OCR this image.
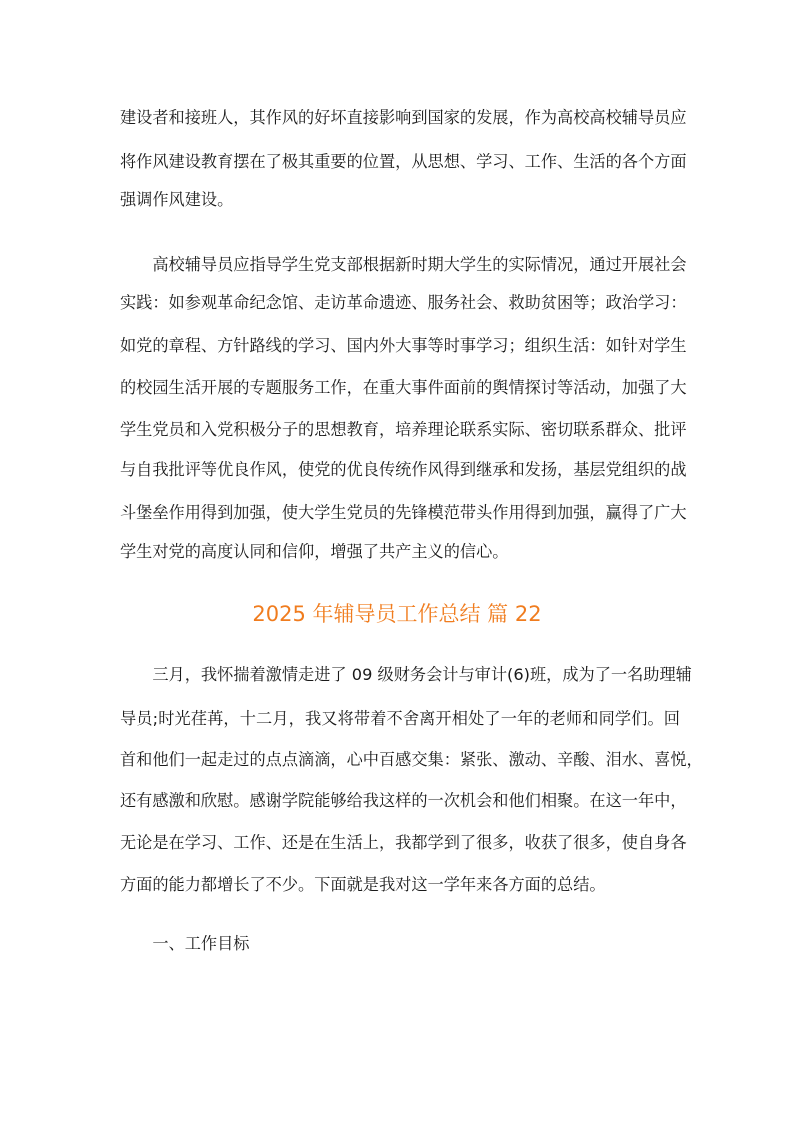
建设者和接班人，其作风的好坏直接影响到国家的发展，作为高校高校辅导员应
将作风建设教育摆在了极其重要的位置，从思想、学习、工作、生活的各个方面
强调作风建设。
　　高校辅导员应指导学生党支部根据新时期大学生的实际情况，通过开展社会
实践：如参观革命纪念馆、走访革命遗迹、服务社会、救助贫困等；政治学习：
如党的章程、方针路线的学习、国内外大事等时事学习；组织生活：如针对学生
的校园生活开展的专题服务工作，在重大事件面前的舆情探讨等活动，加强了大
学生党员和入党积极分子的思想教育，培养理论联系实际、密切联系群众、批评
与自我批评等优良作风，使党的优良传统作风得到继承和发扬，基层党组织的战
斗堡垒作用得到加强，使大学生党员的先锋模范带头作用得到加强，赢得了广大
学生对党的高度认同和信仰，增强了共产主义的信心。
2025 年辅导员工作总结 篇 22
　　三月，我怀揣着激情走进了 09 级财务会计与审计(6)班，成为了一名助理辅
导员;时光荏苒，十二月，我又将带着不舍离开相处了一年的老师和同学们。回
首和他们一起走过的点点滴滴，心中百感交集：紧张、激动、辛酸、泪水、喜悦，
还有感激和欣慰。感谢学院能够给我这样的一次机会和他们相聚。在这一年中，
无论是在学习、工作、还是在生活上，我都学到了很多，收获了很多，使自身各
方面的能力都增长了不少。下面就是我对这一学年来各方面的总结。
　　一、工作目标
